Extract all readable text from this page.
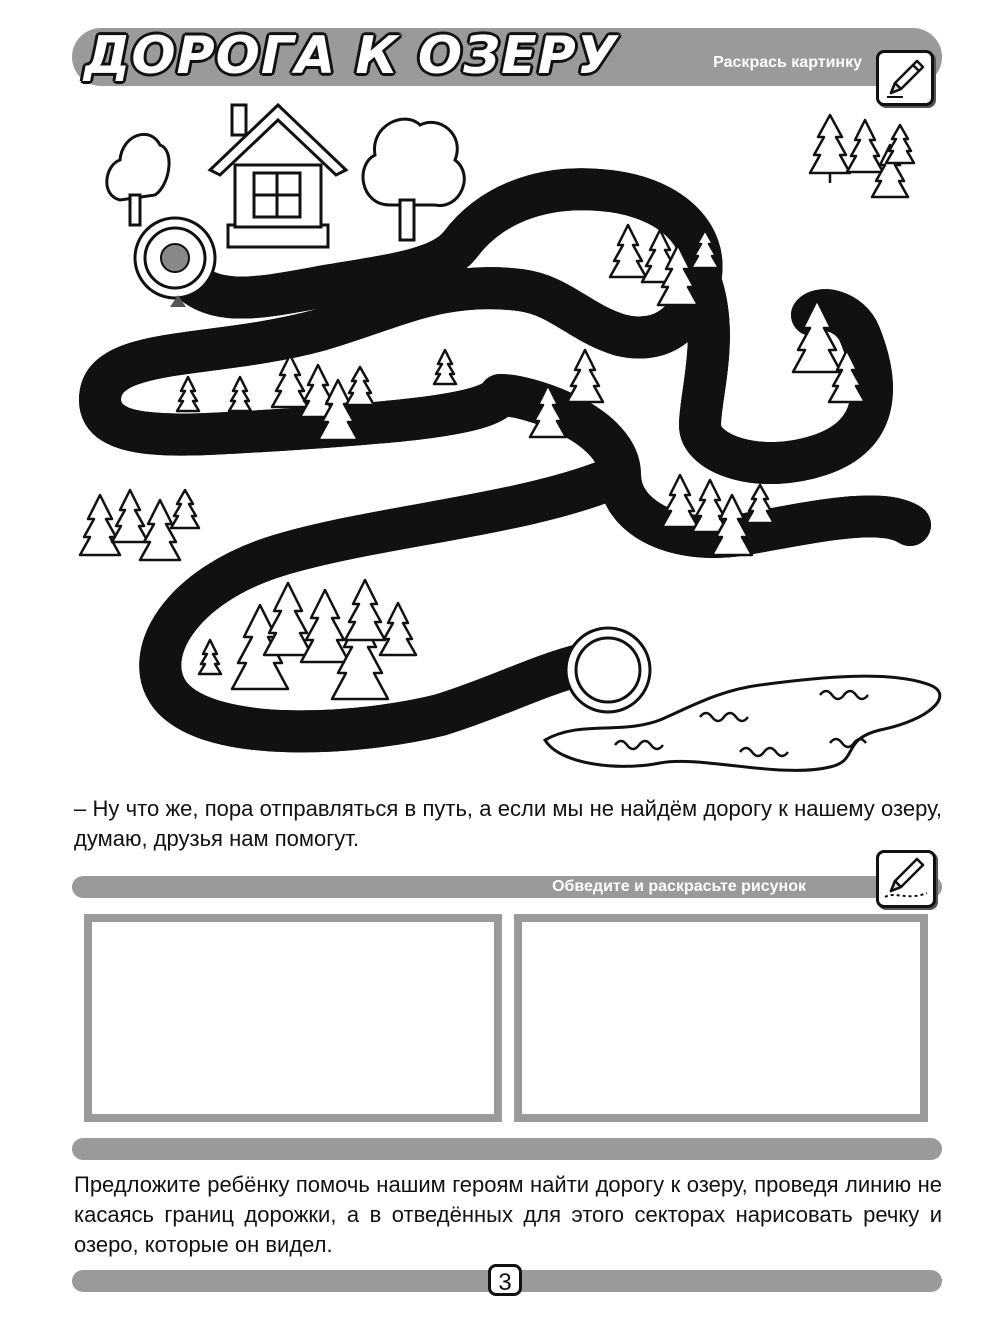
ДОРОГА К ОЗЕРУ	Раскрась картинку

– Ну что же, пора отправляться в путь, а если мы не найдём дорогу к нашему озеру, думаю, друзья нам помогут.

Обведите и раскрасьте рисунок

Предложите ребёнку помочь нашим героям найти дорогу к озеру, проведя линию не касаясь границ дорожки, а в отведённых для этого секторах нарисовать речку и озеро, которые он видел.

3
